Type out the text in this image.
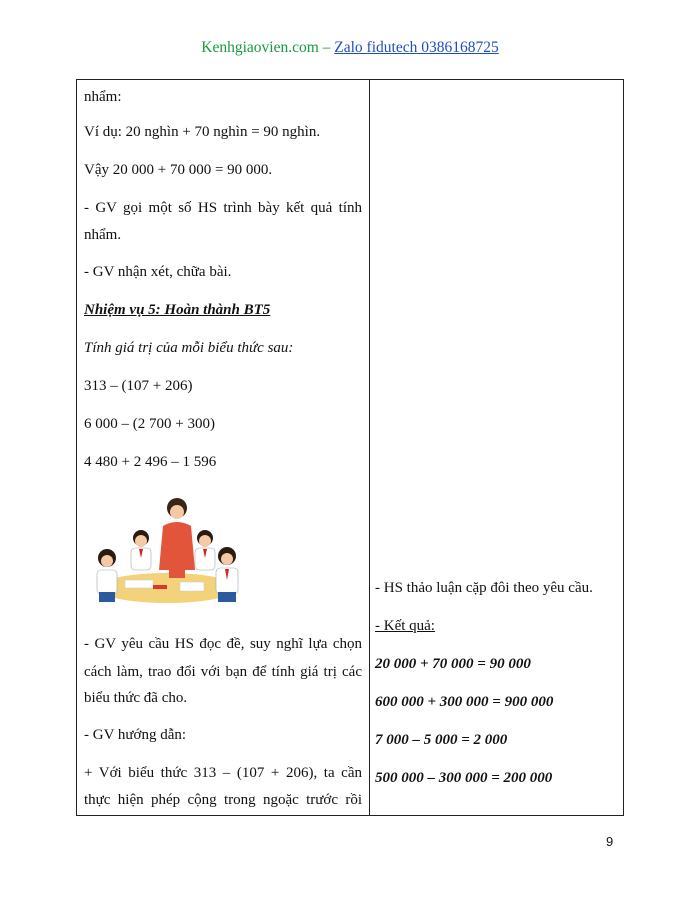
Kenhgiaovien.com – Zalo fidutech 0386168725

nhẩm:

Ví dụ: 20 nghìn + 70 nghìn = 90 nghìn.

Vậy 20 000 + 70 000 = 90 000.

- GV gọi một số HS trình bày kết quả tính

nhẩm.

- GV nhận xét, chữa bài.

Nhiệm vụ 5: Hoàn thành BT5

Tính giá trị của mỗi biểu thức sau:

313 – (107 + 206)

6 000 – (2 700 + 300)

4 480 + 2 496 – 1 596

- GV yêu cầu HS đọc đề, suy nghĩ lựa chọn

cách làm, trao đổi với bạn để tính giá trị các

biểu thức đã cho.

- GV hướng dẫn:

+ Với biểu thức 313 – (107 + 206), ta cần

thực hiện phép cộng trong ngoặc trước rồi

- HS thảo luận cặp đôi theo yêu cầu.

- Kết quả:

20 000 + 70 000 = 90 000

600 000 + 300 000 = 900 000

7 000 – 5 000 = 2 000

500 000 – 300 000 = 200 000

9
